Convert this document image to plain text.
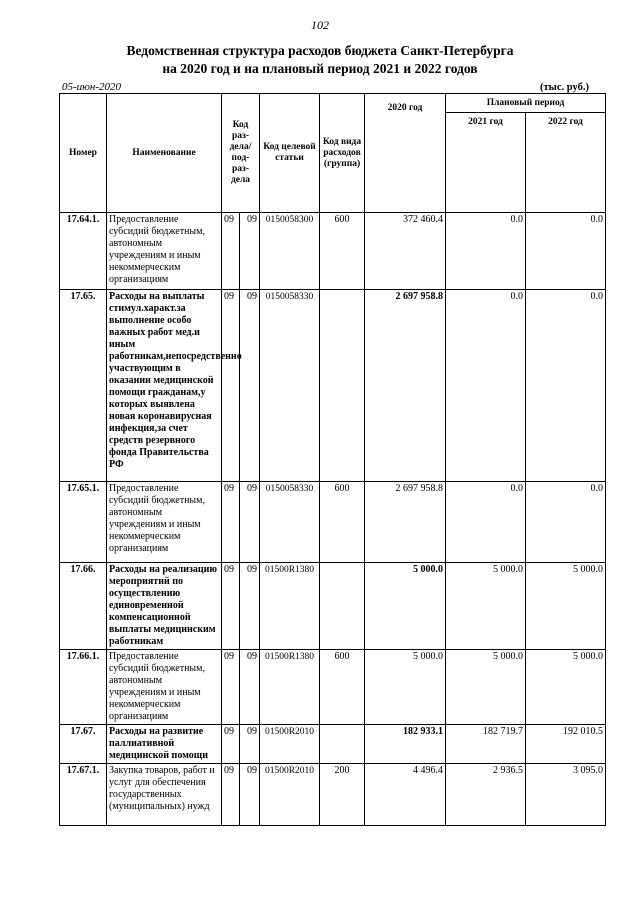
102
Ведомственная структура расходов бюджета Санкт-Петербурга
на 2020 год и на плановый период 2021 и 2022 годов
05-июн-2020	(тыс. руб.)
Номер	Наименование	Код раз-дела/ под-раз-дела		Код целевой статьи	Код вида расходов (группа)	2020 год	Плановый период	
							2021 год	2022 год
17.64.1.	Предоставление субсидий бюджетным, автономным учреждениям и иным некоммерческим организациям	09	09	0150058300	600	372 460.4	0.0	0.0
17.65.	Расходы на выплаты стимул.характ.за выполнение особо важных работ мед.и иным работникам,непосредственно участвующим в оказании медицинской помощи гражданам,у которых выявлена новая коронавирусная инфекция,за счет средств резервного фонда Правительства РФ	09	09	0150058330		2 697 958.8	0.0	0.0
17.65.1.	Предоставление субсидий бюджетным, автономным учреждениям и иным некоммерческим организациям	09	09	0150058330	600	2 697 958.8	0.0	0.0
17.66.	Расходы на реализацию мероприятий по осуществлению единовременной компенсационной выплаты медицинским работникам	09	09	01500R1380		5 000.0	5 000.0	5 000.0
17.66.1.	Предоставление субсидий бюджетным, автономным учреждениям и иным некоммерческим организациям	09	09	01500R1380	600	5 000.0	5 000.0	5 000.0
17.67.	Расходы на развитие паллиативной медицинской помощи	09	09	01500R2010		182 933.1	182 719.7	192 010.5
17.67.1.	Закупка товаров, работ и услуг для обеспечения государственных (муниципальных) нужд	09	09	01500R2010	200	4 496.4	2 936.5	3 095.0
